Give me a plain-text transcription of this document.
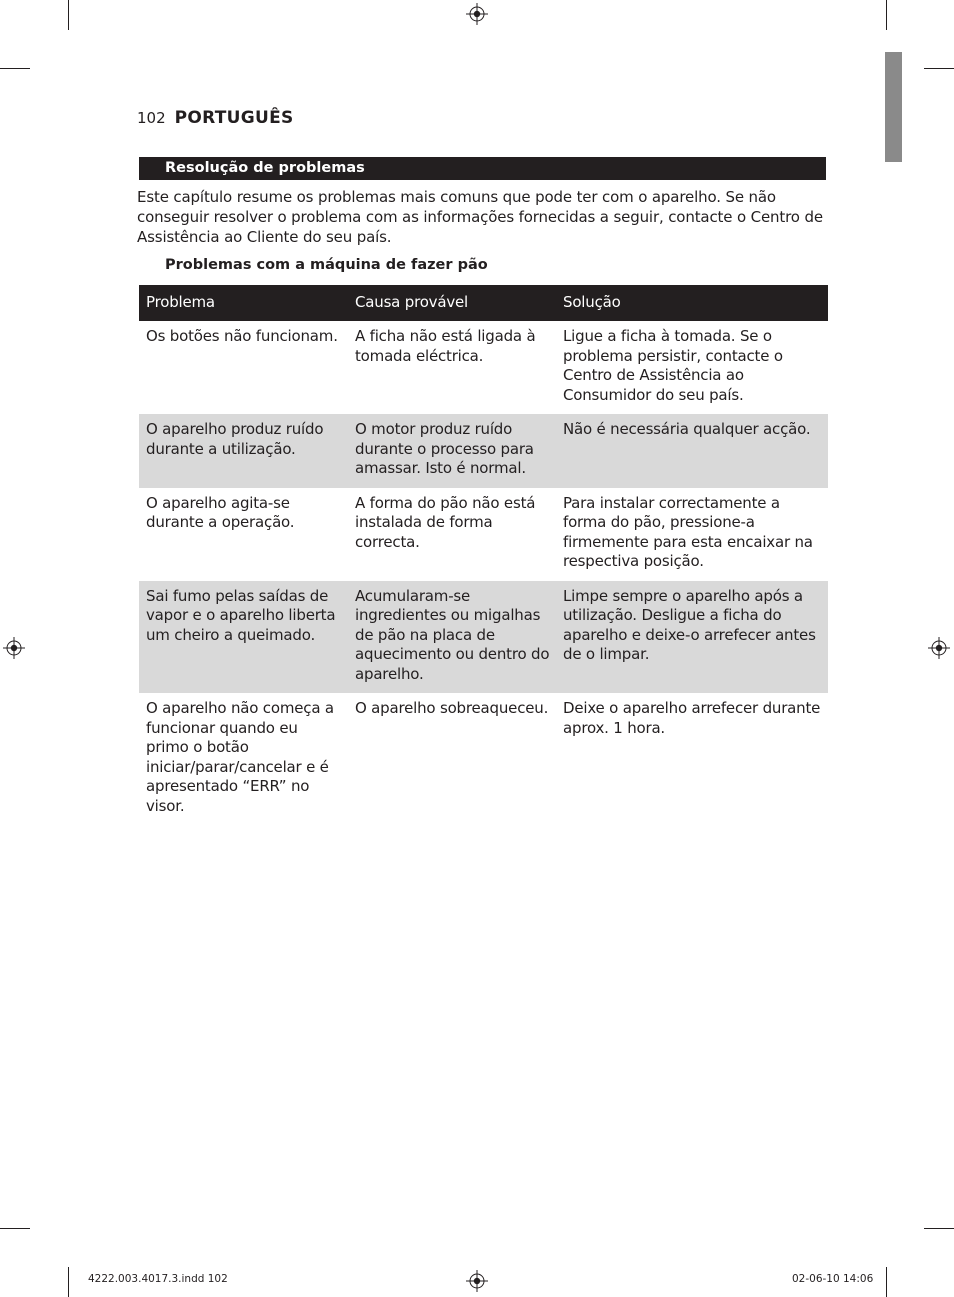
102 PORTUGUÊS
Resolução de problemas
Este capítulo resume os problemas mais comuns que pode ter com o aparelho. Se não conseguir resolver o problema com as informações fornecidas a seguir, contacte o Centro de Assistência ao Cliente do seu país.
Problemas com a máquina de fazer pão
Problema	Causa provável	Solução
Os botões não funcionam.	A ficha não está ligada à tomada eléctrica.	Ligue a ficha à tomada. Se o problema persistir, contacte o Centro de Assistência ao Consumidor do seu país.
O aparelho produz ruído durante a utilização.	O motor produz ruído durante o processo para amassar. Isto é normal.	Não é necessária qualquer acção.
O aparelho agita-se durante a operação.	A forma do pão não está instalada de forma correcta.	Para instalar correctamente a forma do pão, pressione-a firmemente para esta encaixar na respectiva posição.
Sai fumo pelas saídas de vapor e o aparelho liberta um cheiro a queimado.	Acumularam-se ingredientes ou migalhas de pão na placa de aquecimento ou dentro do aparelho.	Limpe sempre o aparelho após a utilização. Desligue a ficha do aparelho e deixe-o arrefecer antes de o limpar.
O aparelho não começa a funcionar quando eu primo o botão iniciar/parar/cancelar e é apresentado “ERR” no visor.	O aparelho sobreaqueceu.	Deixe o aparelho arrefecer durante aprox. 1 hora.
4222.003.4017.3.indd 102	02-06-10 14:06
